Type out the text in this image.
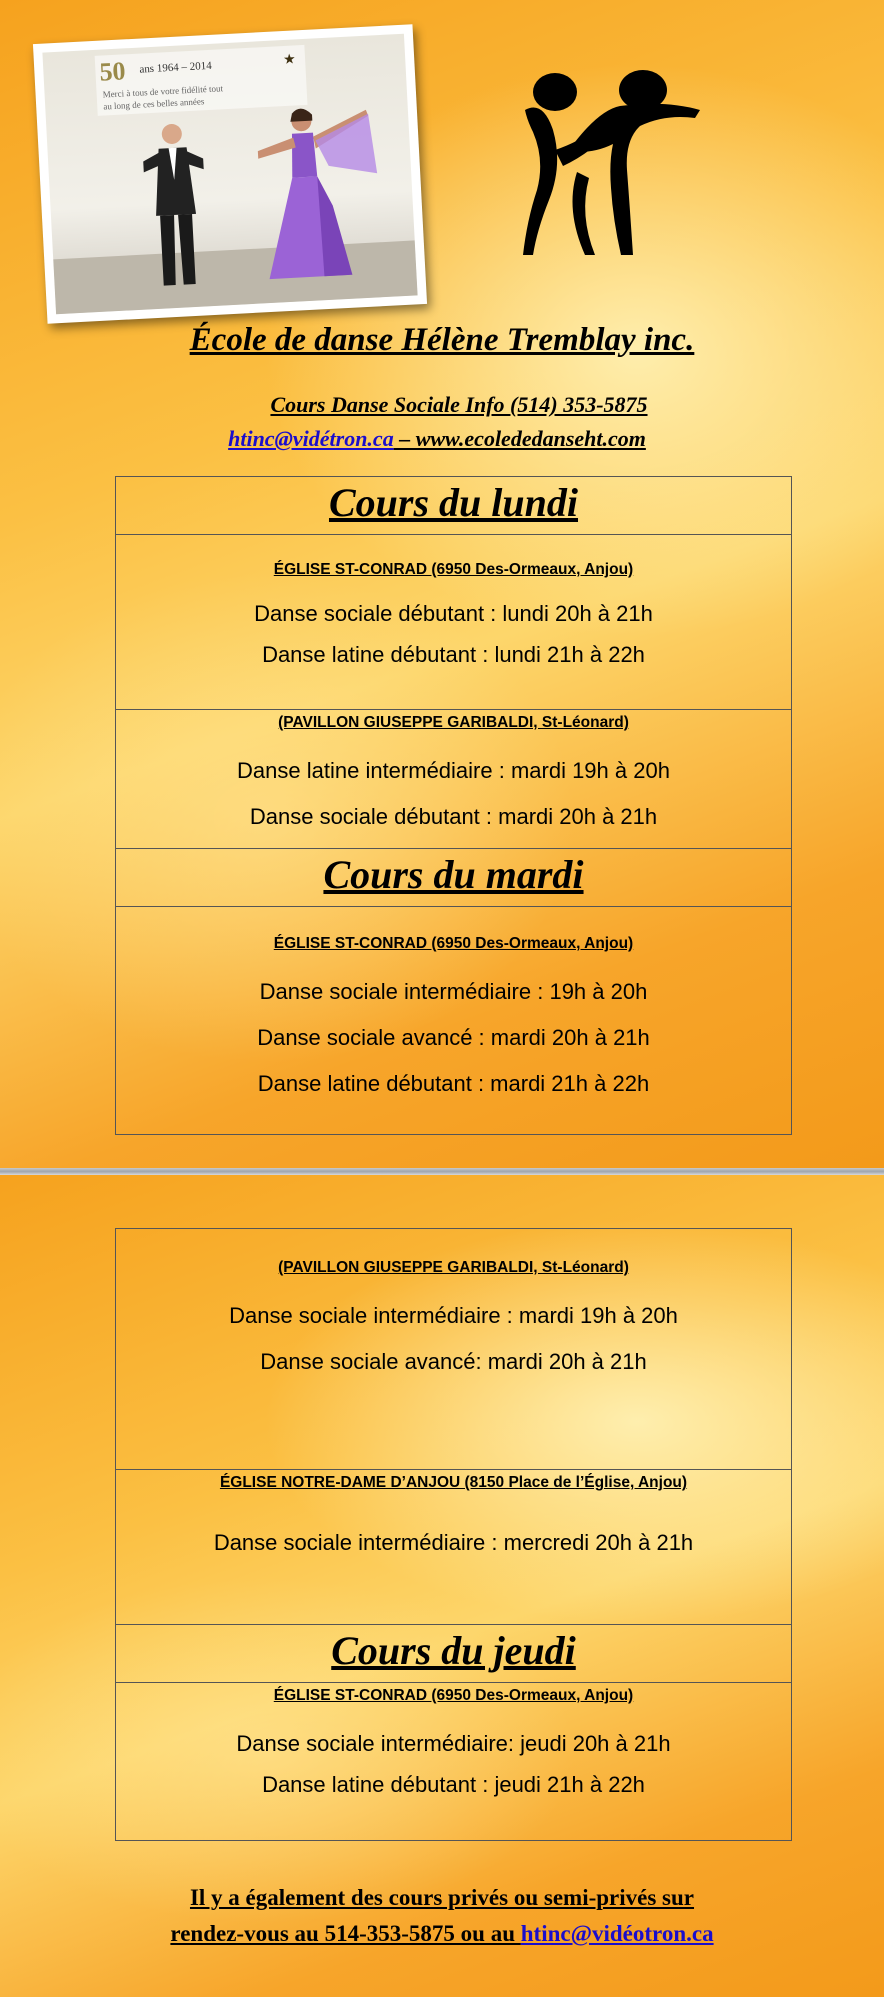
50 ans 1964 – 2014	★
Merci à tous de votre fidélité tout
au long de ces belles années
École de danse Hélène Tremblay inc.
Cours Danse Sociale Info (514) 353-5875
htinc@vidétron.ca – www.ecolededanseht.com
Cours du lundi

ÉGLISE ST-CONRAD (6950 Des-Ormeaux, Anjou)
Danse sociale débutant : lundi 20h à 21h
Danse latine débutant : lundi 21h à 22h

(PAVILLON GIUSEPPE GARIBALDI, St-Léonard)
Danse latine intermédiaire : mardi 19h à 20h
Danse sociale débutant : mardi 20h à 21h

Cours du mardi

ÉGLISE ST-CONRAD (6950 Des-Ormeaux, Anjou)
Danse sociale intermédiaire : 19h à 20h
Danse sociale avancé : mardi 20h à 21h
Danse latine débutant : mardi 21h à 22h
(PAVILLON GIUSEPPE GARIBALDI, St-Léonard)
Danse sociale intermédiaire : mardi 19h à 20h
Danse sociale avancé: mardi 20h à 21h

ÉGLISE NOTRE-DAME D’ANJOU (8150 Place de l’Église, Anjou)
Danse sociale intermédiaire : mercredi 20h à 21h

Cours du jeudi

ÉGLISE ST-CONRAD (6950 Des-Ormeaux, Anjou)
Danse sociale intermédiaire: jeudi 20h à 21h
Danse latine débutant : jeudi 21h à 22h
Il y a également des cours privés ou semi-privés sur
rendez-vous au 514-353-5875 ou au htinc@vidéotron.ca
